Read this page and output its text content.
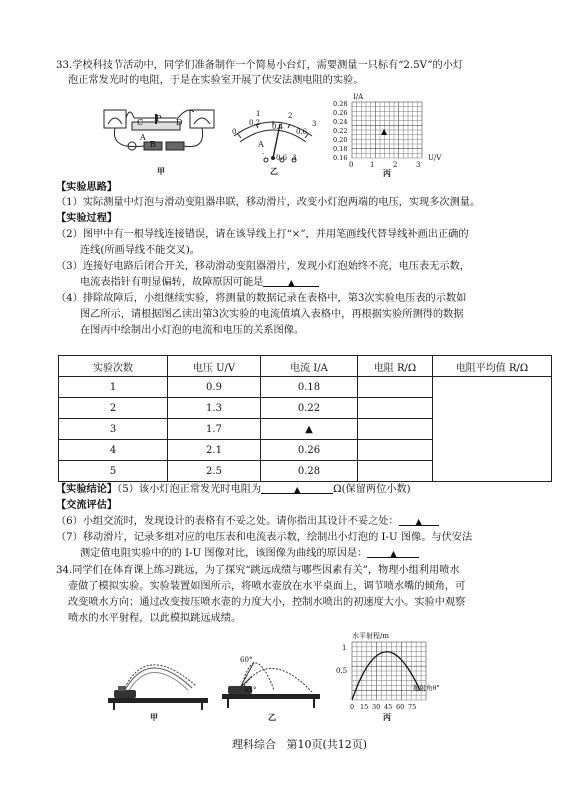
33.学校科技节活动中，同学们准备制作一个简易小台灯，需要测量一只标有“2.5V”的小灯
泡正常发光时的电阻，于是在实验室开展了伏安法测电阻的实验。
C P D
A
B
甲
0
0.2 0.4
0.6
1	2
3
A
- 0.6 3
乙
I/A
U/V
0.28
0.26
0.24
0.22
0.20
0.18
0.16
0 1	2	3
▲
丙
【实验思路】
（1）实际测量中灯泡与滑动变阻器串联，移动滑片，改变小灯泡两端的电压，实现多次测量。
【实验过程】
（2）图甲中有一根导线连接错误，请在该导线上打“×”，并用笔画线代替导线补画出正确的
连线(所画导线不能交叉)。
（3）连接好电路后闭合开关，移动滑动变阻器滑片，发现小灯泡始终不亮，电压表无示数，
电流表指针有明显偏转，故障原因可能是	▲
（4）排除故障后，小组继续实验，将测量的数据记录在表格中，第3次实验电压表的示数如
图乙所示，请根据图乙读出第3次实验的电流值填入表格中，再根据实验所测得的数据
在图丙中绘制出小灯泡的电流和电压的关系图像。
实验次数	电压 U/V	电流 I/A	电阻 R/Ω	电阻平均值 R/Ω
1	0.9	0.18		
2	1.3	0.22		
3	1.7	▲		
4	2.1	0.26		
5	2.5	0.28		
【实验结论】（5）该小灯泡正常发光时电阻为	▲	Ω(保留两位小数)
【交流评估】
（6）小组交流时，发现设计的表格有不妥之处。请你指出其设计不妥之处： ▲
（7）移动滑片，记录多组对应的电压表和电流表示数，绘制出小灯泡的 I-U 图像。与伏安法
测定值电阻实验中的的 I-U 图像对比，该图像为曲线的原因是：	▲
34.同学们在体育课上练习跳远，为了探究“跳远成绩与哪些因素有关”，物理小组利用喷水
壶做了模拟实验。实验装置如图所示，将喷水壶放在水平桌面上，调节喷水嘴的倾角，可
改变喷水方向；通过改变按压喷水壶的力度大小，控制水喷出的初速度大小。实验中观察
喷水的水平射程，以此模拟跳远成绩。
甲
60°
45°
乙
水平射程/m
抛射角θ°
1
0.5
0 15 30 45 60 75
丙
理科综合   第10页(共12页)
